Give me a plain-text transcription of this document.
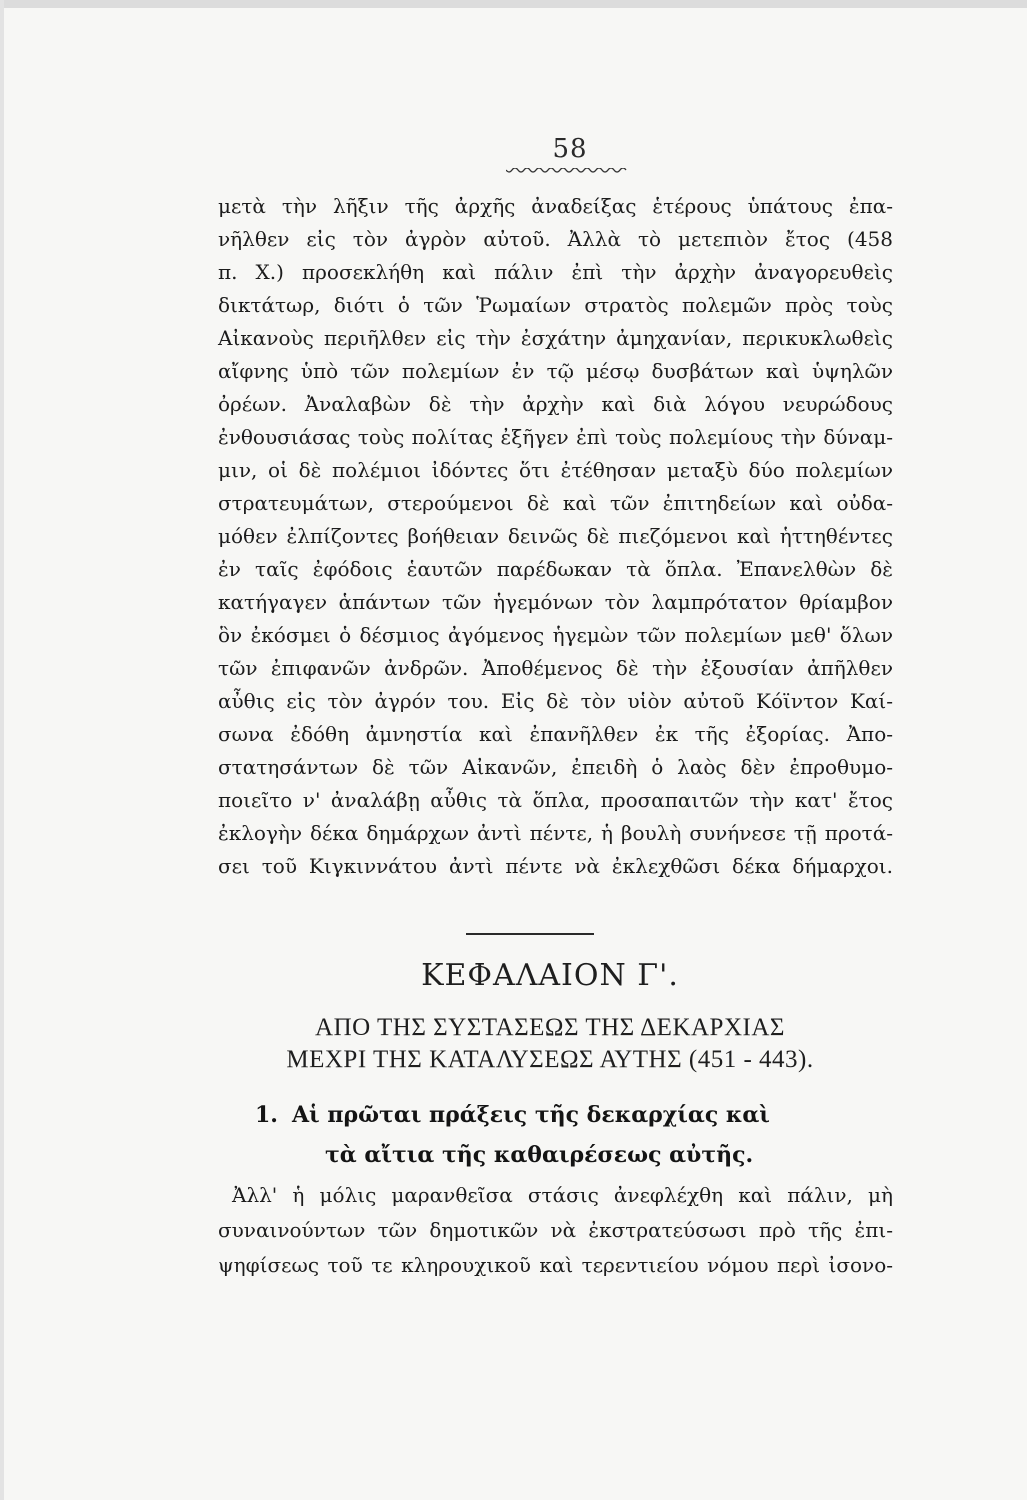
58
μετὰ τὴν λῆξιν τῆς ἀρχῆς ἀναδείξας ἑτέρους ὑπάτους ἐπα-
νῆλθεν εἰς τὸν ἀγρὸν αὐτοῦ. Ἀλλὰ τὸ μετεπιὸν ἔτος (458
π. Χ.) προσεκλήθη καὶ πάλιν ἐπὶ τὴν ἀρχὴν ἀναγορευθεὶς
δικτάτωρ, διότι ὁ τῶν Ῥωμαίων στρατὸς πολεμῶν πρὸς τοὺς
Αἰκανοὺς περιῆλθεν εἰς τὴν ἐσχάτην ἀμηχανίαν, περικυκλωθεὶς
αἴφνης ὑπὸ τῶν πολεμίων ἐν τῷ μέσῳ δυσβάτων καὶ ὑψηλῶν
ὀρέων. Ἀναλαβὼν δὲ τὴν ἀρχὴν καὶ διὰ λόγου νευρώδους
ἐνθουσιάσας τοὺς πολίτας ἐξῆγεν ἐπὶ τοὺς πολεμίους τὴν δύναμ-
μιν, οἱ δὲ πολέμιοι ἰδόντες ὅτι ἐτέθησαν μεταξὺ δύο πολεμίων
στρατευμάτων, στερούμενοι δὲ καὶ τῶν ἐπιτηδείων καὶ οὐδα-
μόθεν ἐλπίζοντες βοήθειαν δεινῶς δὲ πιεζόμενοι καὶ ἡττηθέντες
ἐν ταῖς ἐφόδοις ἑαυτῶν παρέδωκαν τὰ ὅπλα. Ἐπανελθὼν δὲ
κατήγαγεν ἁπάντων τῶν ἡγεμόνων τὸν λαμπρότατον θρίαμβον
ὃν ἐκόσμει ὁ δέσμιος ἀγόμενος ἡγεμὼν τῶν πολεμίων μεθ' ὅλων
τῶν ἐπιφανῶν ἀνδρῶν. Ἀποθέμενος δὲ τὴν ἐξουσίαν ἀπῆλθεν
αὖθις εἰς τὸν ἀγρόν του. Εἰς δὲ τὸν υἱὸν αὐτοῦ Κόϊντον Καί-
σωνα ἐδόθη ἀμνηστία καὶ ἐπανῆλθεν ἐκ τῆς ἐξορίας. Ἀπο-
στατησάντων δὲ τῶν Αἰκανῶν, ἐπειδὴ ὁ λαὸς δὲν ἐπροθυμο-
ποιεῖτο ν' ἀναλάβῃ αὖθις τὰ ὅπλα, προσαπαιτῶν τὴν κατ' ἔτος
ἐκλογὴν δέκα δημάρχων ἀντὶ πέντε, ἡ βουλὴ συνήνεσε τῇ προτά-
σει τοῦ Κιγκιννάτου ἀντὶ πέντε νὰ ἐκλεχθῶσι δέκα δήμαρχοι.
ΚΕΦΑΛΑΙΟΝ Γ'.
ΑΠΟ ΤΗΣ ΣΥΣΤΑΣΕΩΣ ΤΗΣ ΔΕΚΑΡΧΙΑΣ
ΜΕΧΡΙ ΤΗΣ ΚΑΤΑΛΥΣΕΩΣ ΑΥΤΗΣ (451 - 443).
1. Αἱ πρῶται πράξεις τῆς δεκαρχίας καὶ
τὰ αἴτια τῆς καθαιρέσεως αὐτῆς.
Ἀλλ' ἡ μόλις μαρανθεῖσα στάσις ἀνεφλέχθη καὶ πάλιν, μὴ
συναινούντων τῶν δημοτικῶν νὰ ἐκστρατεύσωσι πρὸ τῆς ἐπι-
ψηφίσεως τοῦ τε κληρουχικοῦ καὶ τερεντιείου νόμου περὶ ἰσονο-
